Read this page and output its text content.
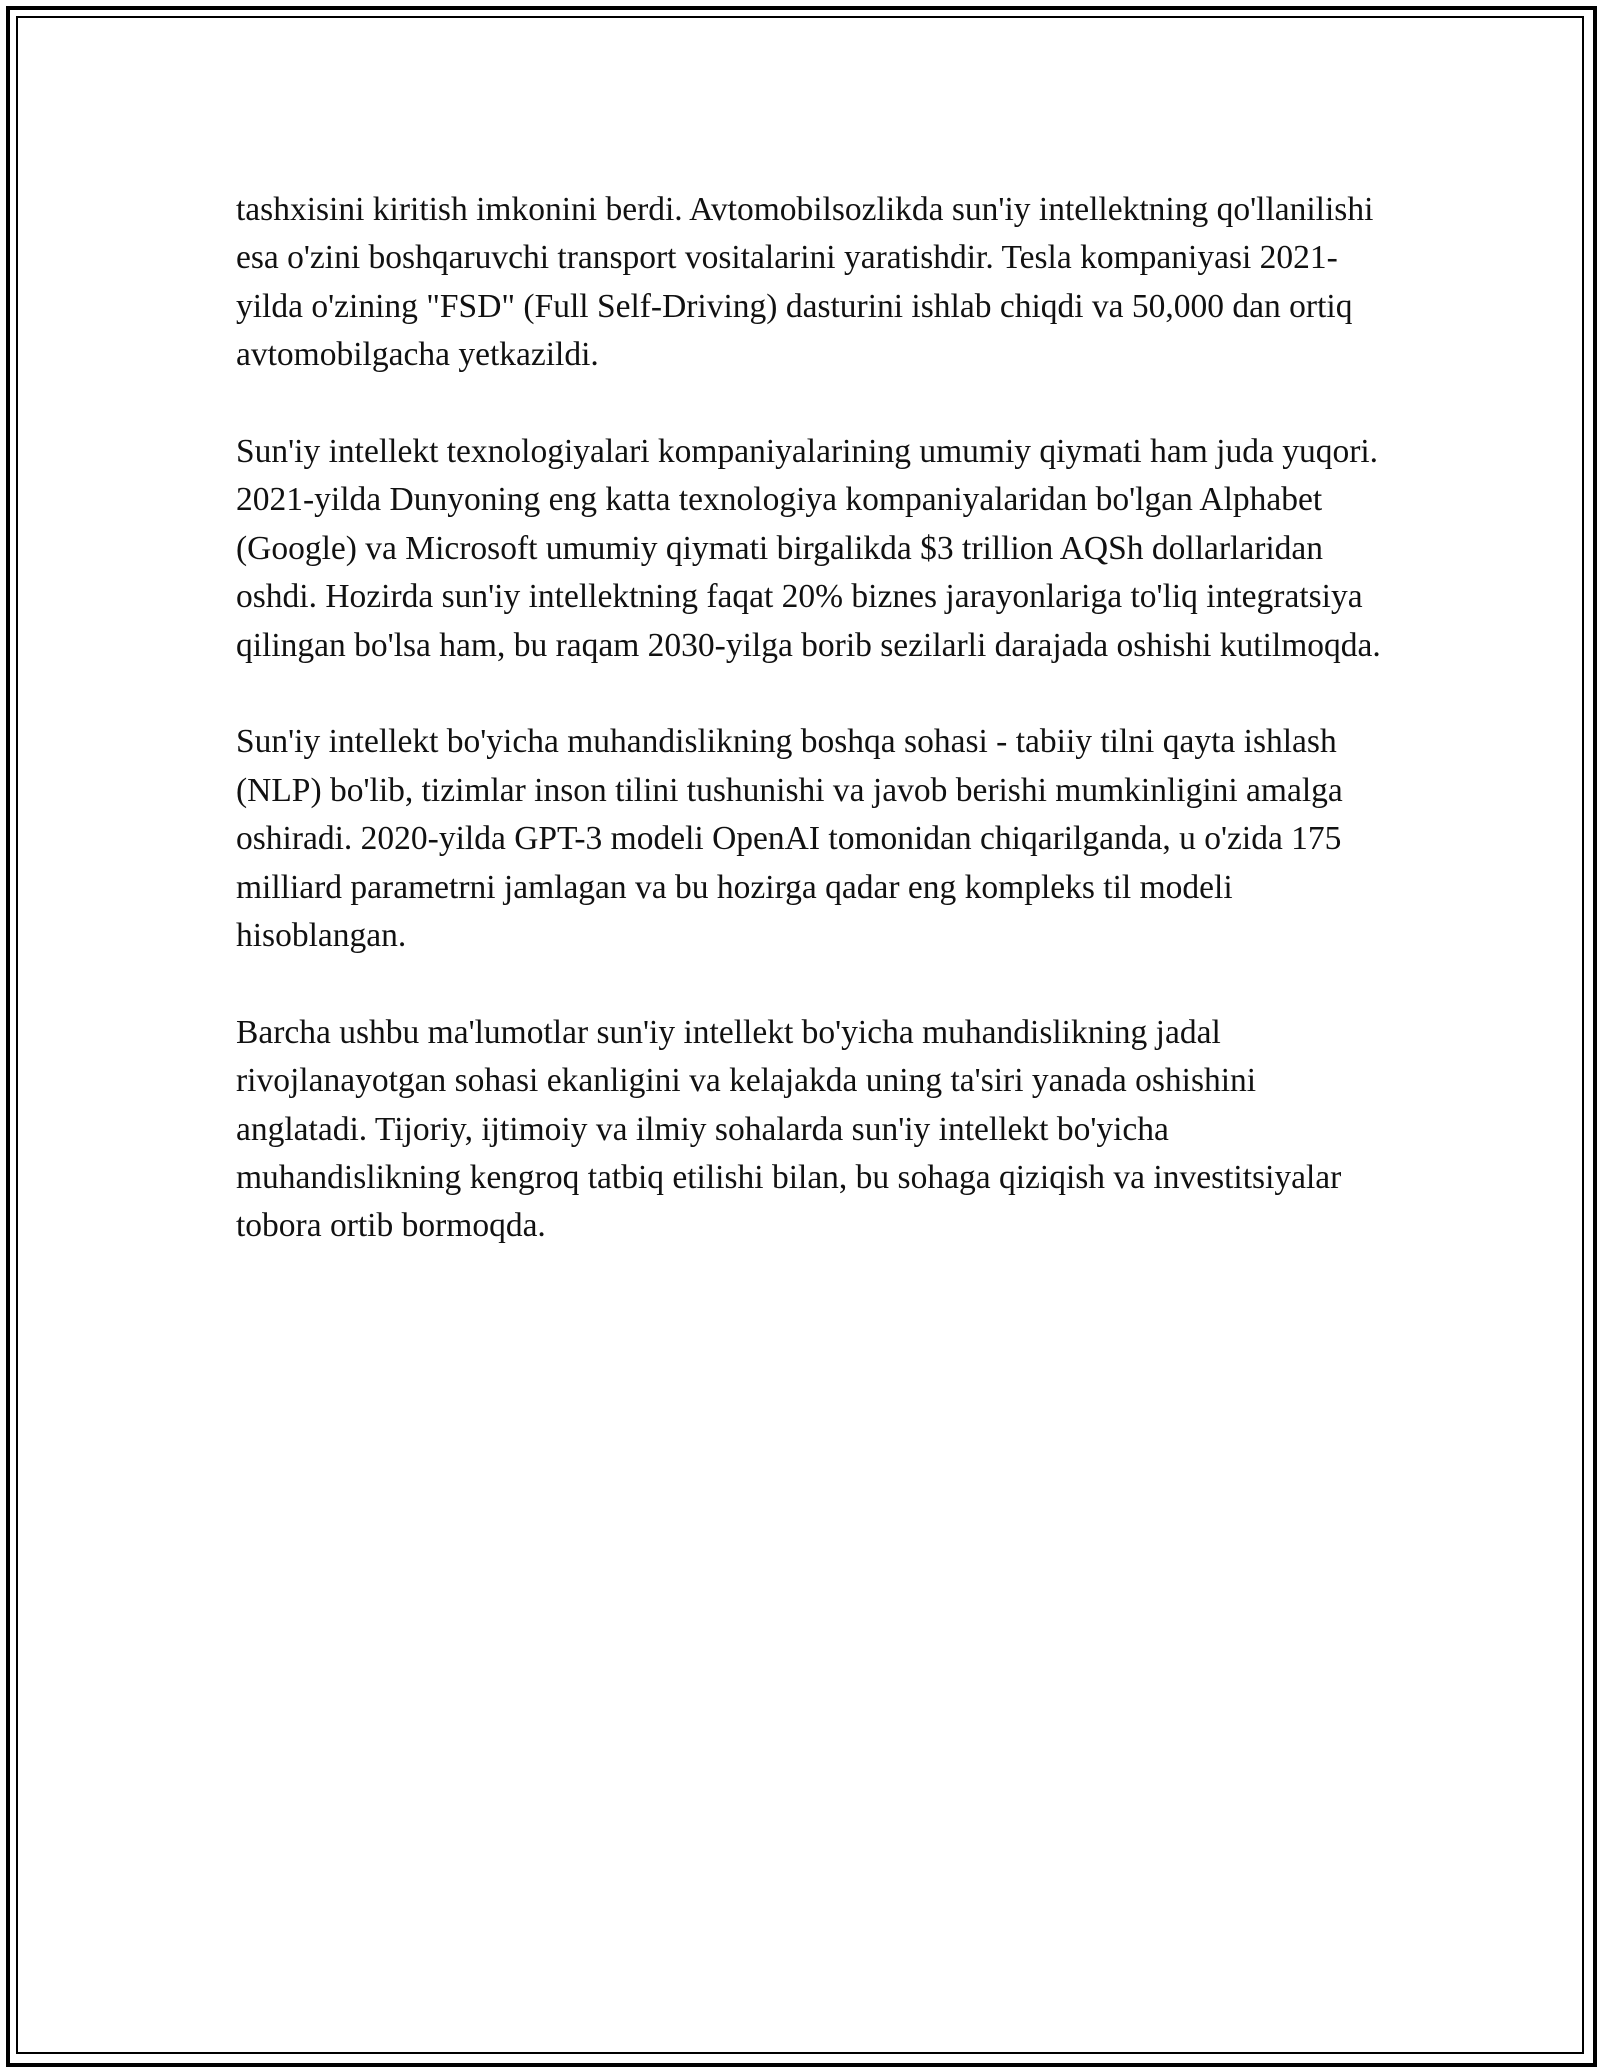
tashxisini kiritish imkonini berdi. Avtomobilsozlikda sun'iy intellektning qo'llanilishi esa o'zini boshqaruvchi transport vositalarini yaratishdir. Tesla kompaniyasi 2021-yilda o'zining "FSD" (Full Self-Driving) dasturini ishlab chiqdi va 50,000 dan ortiq avtomobilgacha yetkazildi.

Sun'iy intellekt texnologiyalari kompaniyalarining umumiy qiymati ham juda yuqori. 2021-yilda Dunyoning eng katta texnologiya kompaniyalaridan bo'lgan Alphabet (Google) va Microsoft umumiy qiymati birgalikda $3 trillion AQSh dollarlaridan oshdi. Hozirda sun'iy intellektning faqat 20% biznes jarayonlariga to'liq integratsiya qilingan bo'lsa ham, bu raqam 2030-yilga borib sezilarli darajada oshishi kutilmoqda.

Sun'iy intellekt bo'yicha muhandislikning boshqa sohasi - tabiiy tilni qayta ishlash (NLP) bo'lib, tizimlar inson tilini tushunishi va javob berishi mumkinligini amalga oshiradi. 2020-yilda GPT-3 modeli OpenAI tomonidan chiqarilganda, u o'zida 175 milliard parametrni jamlagan va bu hozirga qadar eng kompleks til modeli hisoblangan.

Barcha ushbu ma'lumotlar sun'iy intellekt bo'yicha muhandislikning jadal rivojlanayotgan sohasi ekanligini va kelajakda uning ta'siri yanada oshishini anglatadi. Tijoriy, ijtimoiy va ilmiy sohalarda sun'iy intellekt bo'yicha muhandislikning kengroq tatbiq etilishi bilan, bu sohaga qiziqish va investitsiyalar tobora ortib bormoqda.
